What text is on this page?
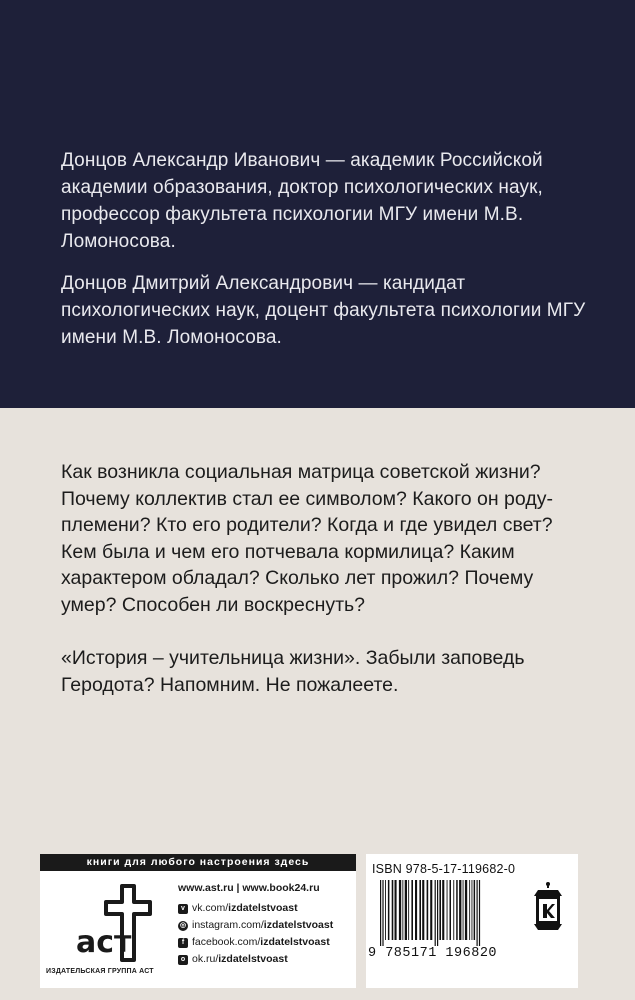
Донцов Александр Иванович — академик Российской академии образования, доктор психологических наук, профессор факультета психологии МГУ имени М.В. Ломоносова.

Донцов Дмитрий Александрович — кандидат психологических наук, доцент факультета психологии МГУ имени М.В. Ломоносова.

Как возникла социальная матрица советской жизни? Почему коллектив стал ее символом? Какого он роду-племени? Кто его родители? Когда и где увидел свет? Кем была и чем его потчевала кормилица? Каким характером обладал? Сколько лет прожил? Почему умер? Способен ли воскреснуть?

«История – учительница жизни». Забыли заповедь Геродота? Напомним. Не пожалеете.

книги для любого настроения здесь
аст
ИЗДАТЕЛЬСКАЯ ГРУППА АСТ
www.ast.ru | www.book24.ru
v vk.com/ izdatelstvoast
◎ instagram.com/ izdatelstvoast
f facebook.com/ izdatelstvoast
o ok.ru/ izdatelstvoast
ISBN 978-5-17-119682-0
9 785171 196820
